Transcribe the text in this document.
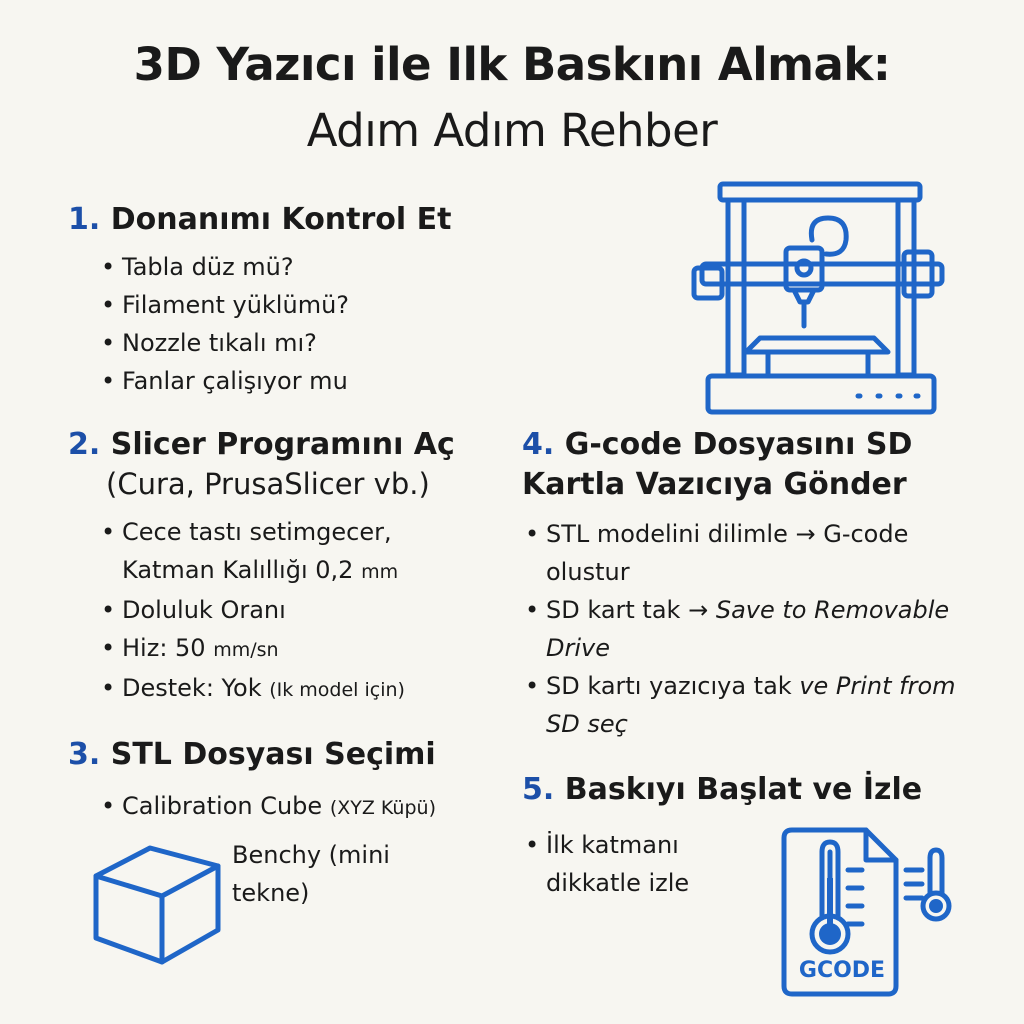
3D Yazıcı ile Ilk Baskını Almak:
Adım Adım Rehber
1. Donanımı Kontrol Et
• Tabla düz mü?
• Filament yüklümü?
• Nozzle tıkalı mı?
• Fanlar çalişıyor mu
2. Slicer Programını Aç
(Cura, PrusaSlicer vb.)
• Cece tastı setimgecer,
Katman Kalıllığı 0,2 mm
• Doluluk Oranı
• Hiz: 50 mm/sn
• Destek: Yok (Ik model için)
3. STL Dosyası Seçimi
• Calibration Cube (XYZ Küpü)
Benchy (mini
tekne)
4. G-code Dosyasını SD
Kartla Vazıcıya Gönder
• STL modelini dilimle → G-code
olustur
• SD kart tak → Save to Removable
Drive
• SD kartı yazıcıya tak ve Print from
SD seç
5. Baskıyı Başlat ve İzle
• İlk katmanı
dikkatle izle
GCODE
